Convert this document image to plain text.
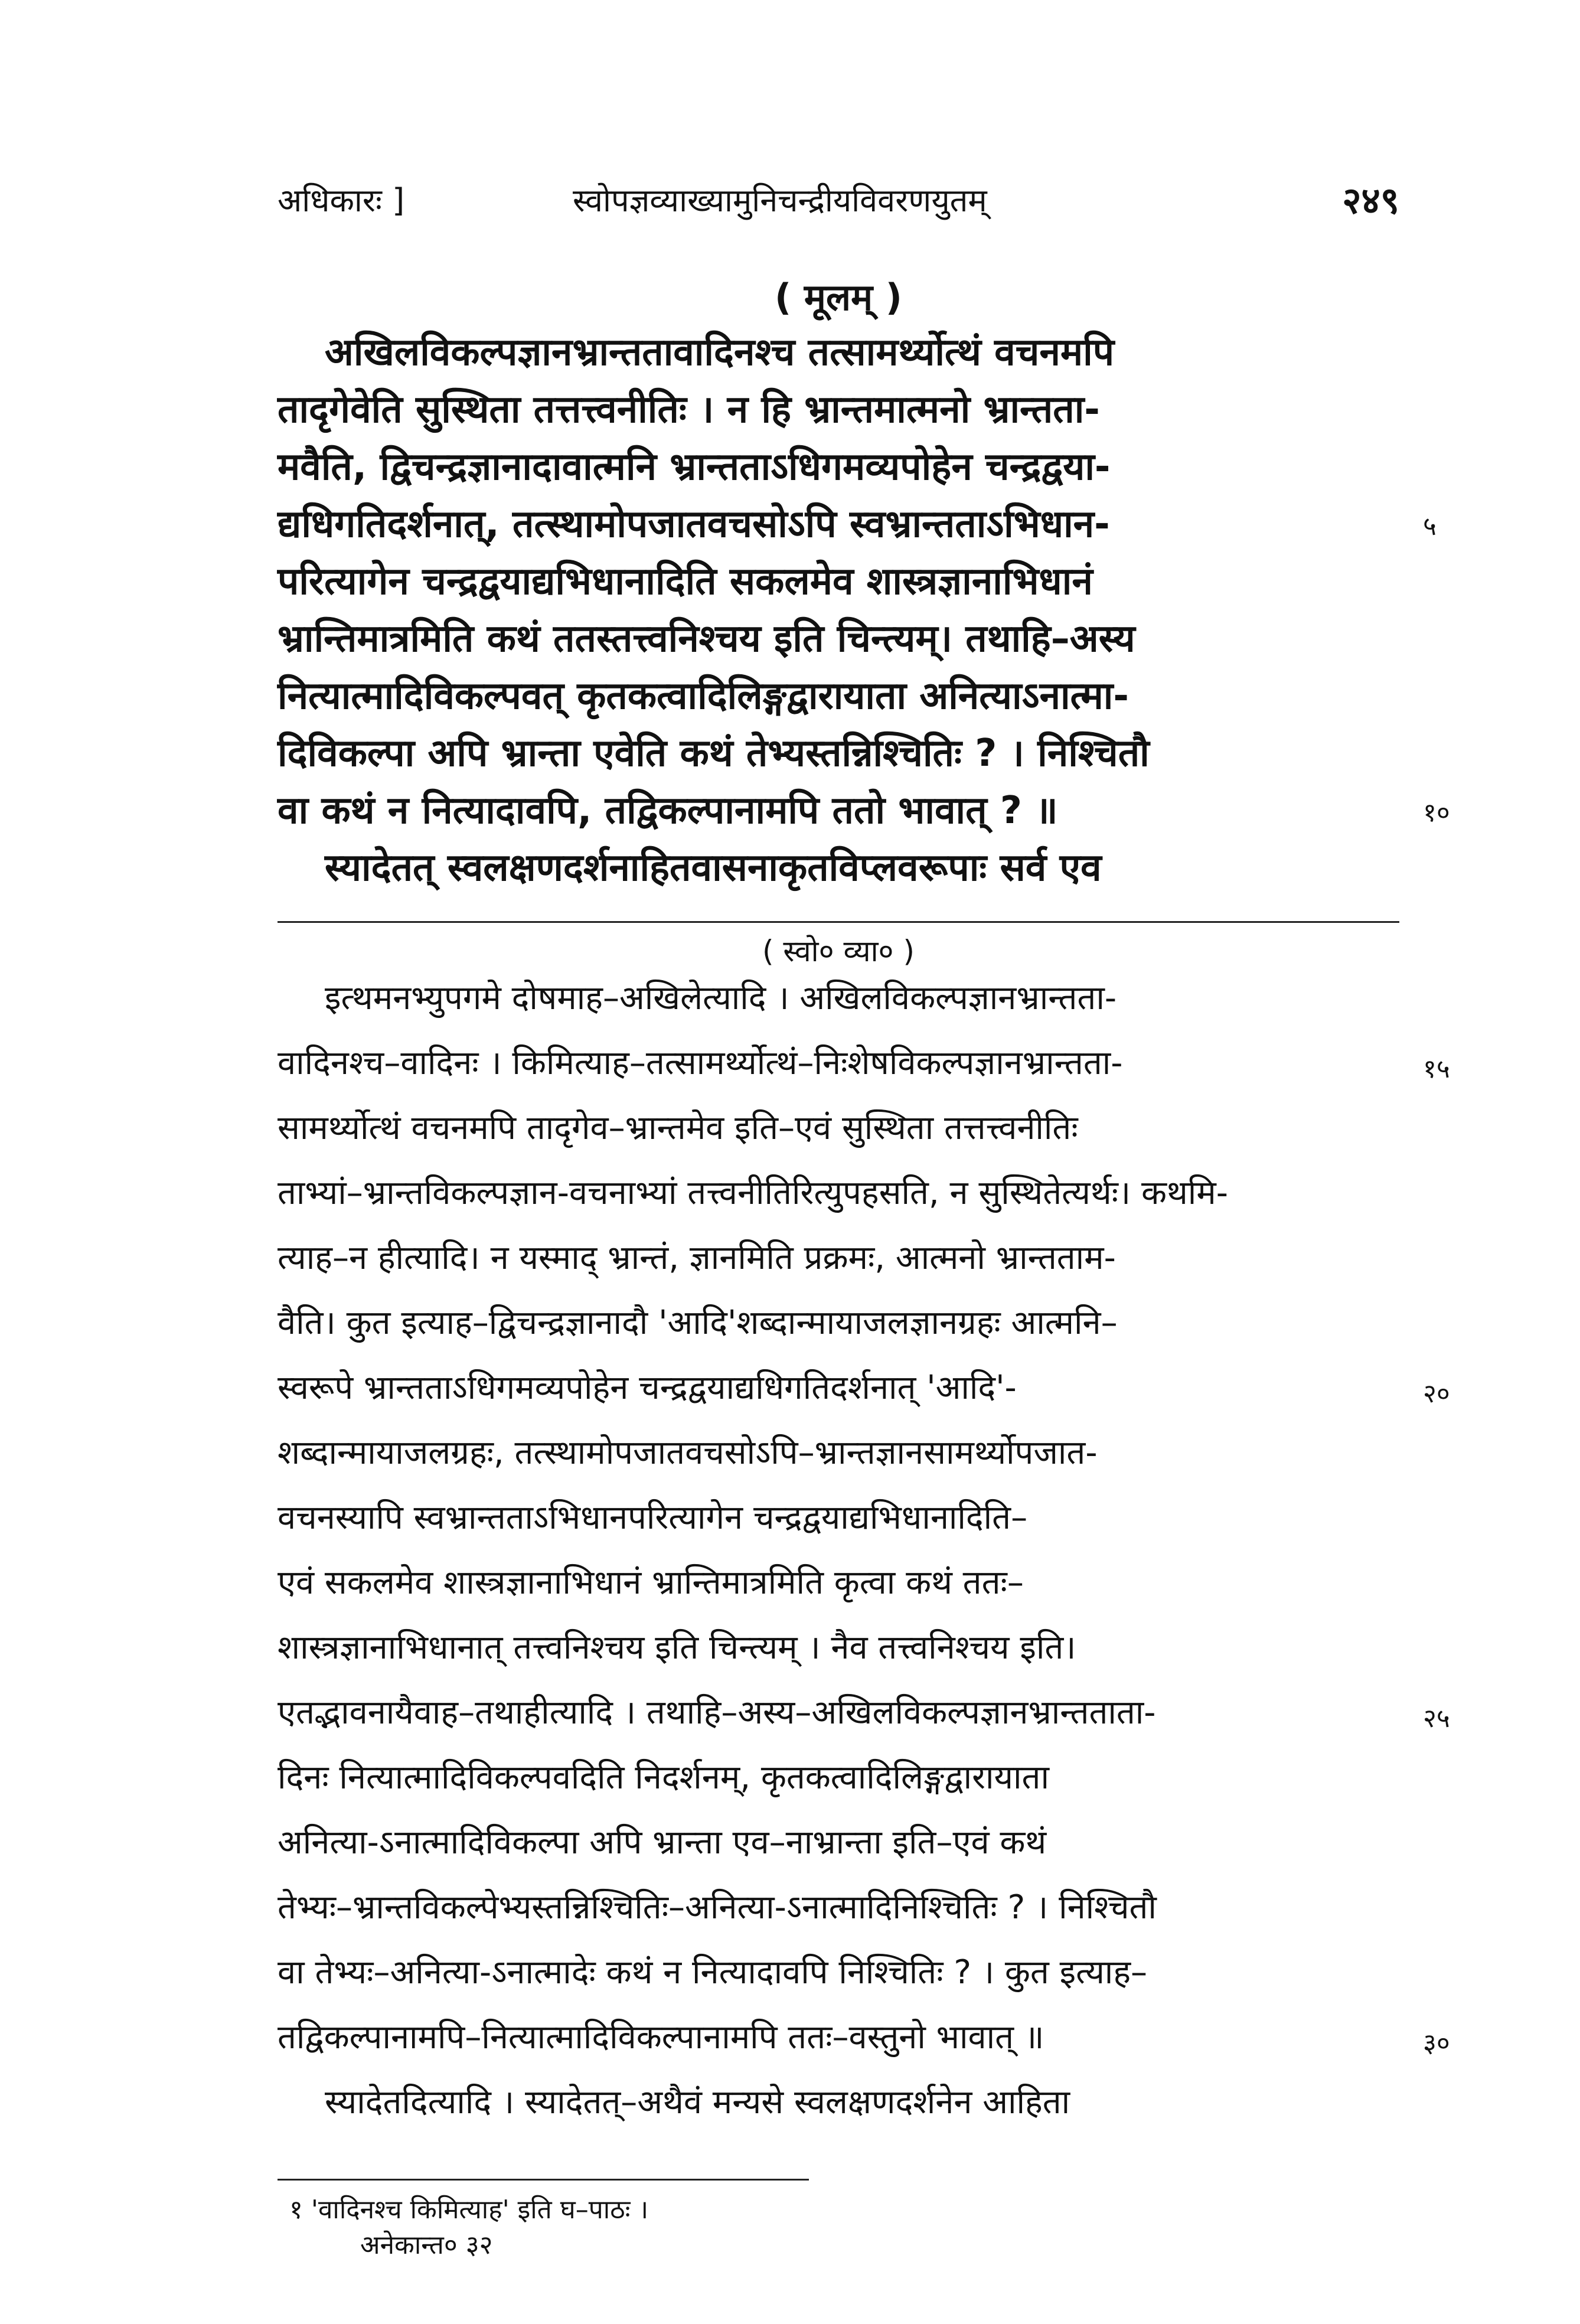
अधिकारः ]	स्वोपज्ञव्याख्यामुनिचन्द्रीयविवरणयुतम्	२४९
( मूलम् )
अखिलविकल्पज्ञानभ्रान्ततावादिनश्च तत्सामर्थ्योत्थं वचनमपि
तादृगेवेति सुस्थिता तत्तत्त्वनीतिः । न हि भ्रान्तमात्मनो भ्रान्तता-
मवैति, द्विचन्द्रज्ञानादावात्मनि भ्रान्तताऽधिगमव्यपोहेन चन्द्रद्वया-
द्यधिगतिदर्शनात्, तत्स्थामोपजातवचसोऽपि स्वभ्रान्तताऽभिधान-	५
परित्यागेन चन्द्रद्वयाद्यभिधानादिति सकलमेव शास्त्रज्ञानाभिधानं
भ्रान्तिमात्रमिति कथं ततस्तत्त्वनिश्चय इति चिन्त्यम्। तथाहि–अस्य
नित्यात्मादिविकल्पवत् कृतकत्वादिलिङ्गद्वारायाता अनित्याऽनात्मा-
दिविकल्पा अपि भ्रान्ता एवेति कथं तेभ्यस्तन्निश्चितिः ? । निश्चितौ
वा कथं न नित्यादावपि, तद्विकल्पानामपि ततो भावात् ? ॥	१०
स्यादेतत् स्वलक्षणदर्शनाहितवासनाकृतविप्लवरूपाः सर्व एव
( स्वो० व्या० )
इत्थमनभ्युपगमे दोषमाह–अखिलेत्यादि । अखिलविकल्पज्ञानभ्रान्तता-
वादिनश्च–वादिनः । किमित्याह–तत्सामर्थ्योत्थं–निःशेषविकल्पज्ञानभ्रान्तता-	१५
सामर्थ्योत्थं वचनमपि तादृगेव–भ्रान्तमेव इति–एवं सुस्थिता तत्तत्त्वनीतिः
ताभ्यां–भ्रान्तविकल्पज्ञान-वचनाभ्यां तत्त्वनीतिरित्युपहसति, न सुस्थितेत्यर्थः। कथमि-
त्याह–न हीत्यादि। न यस्माद् भ्रान्तं, ज्ञानमिति प्रक्रमः, आत्मनो भ्रान्तताम-
वैति। कुत इत्याह–द्विचन्द्रज्ञानादौ 'आदि'शब्दान्मायाजलज्ञानग्रहः आत्मनि–
स्वरूपे भ्रान्तताऽधिगमव्यपोहेन चन्द्रद्वयाद्यधिगतिदर्शनात् 'आदि'-	२०
शब्दान्मायाजलग्रहः, तत्स्थामोपजातवचसोऽपि–भ्रान्तज्ञानसामर्थ्योपजात-
वचनस्यापि स्वभ्रान्तताऽभिधानपरित्यागेन चन्द्रद्वयाद्यभिधानादिति–
एवं सकलमेव शास्त्रज्ञानाभिधानं भ्रान्तिमात्रमिति कृत्वा कथं ततः–
शास्त्रज्ञानाभिधानात् तत्त्वनिश्चय इति चिन्त्यम् । नैव तत्त्वनिश्चय इति।
एतद्भावनायैवाह–तथाहीत्यादि । तथाहि–अस्य–अखिलविकल्पज्ञानभ्रान्तताता-	२५
दिनः नित्यात्मादिविकल्पवदिति निदर्शनम्, कृतकत्वादिलिङ्गद्वारायाता
अनित्या-ऽनात्मादिविकल्पा अपि भ्रान्ता एव–नाभ्रान्ता इति–एवं कथं
तेभ्यः–भ्रान्तविकल्पेभ्यस्तन्निश्चितिः–अनित्या-ऽनात्मादिनिश्चितिः ? । निश्चितौ
वा तेभ्यः–अनित्या-ऽनात्मादेः कथं न नित्यादावपि निश्चितिः ? । कुत इत्याह–
तद्विकल्पानामपि–नित्यात्मादिविकल्पानामपि ततः–वस्तुनो भावात् ॥	३०
स्यादेतदित्यादि । स्यादेतत्–अथैवं मन्यसे स्वलक्षणदर्शनेन आहिता
१ 'वादिनश्च किमित्याह' इति घ–पाठः ।
अनेकान्त० ३२
